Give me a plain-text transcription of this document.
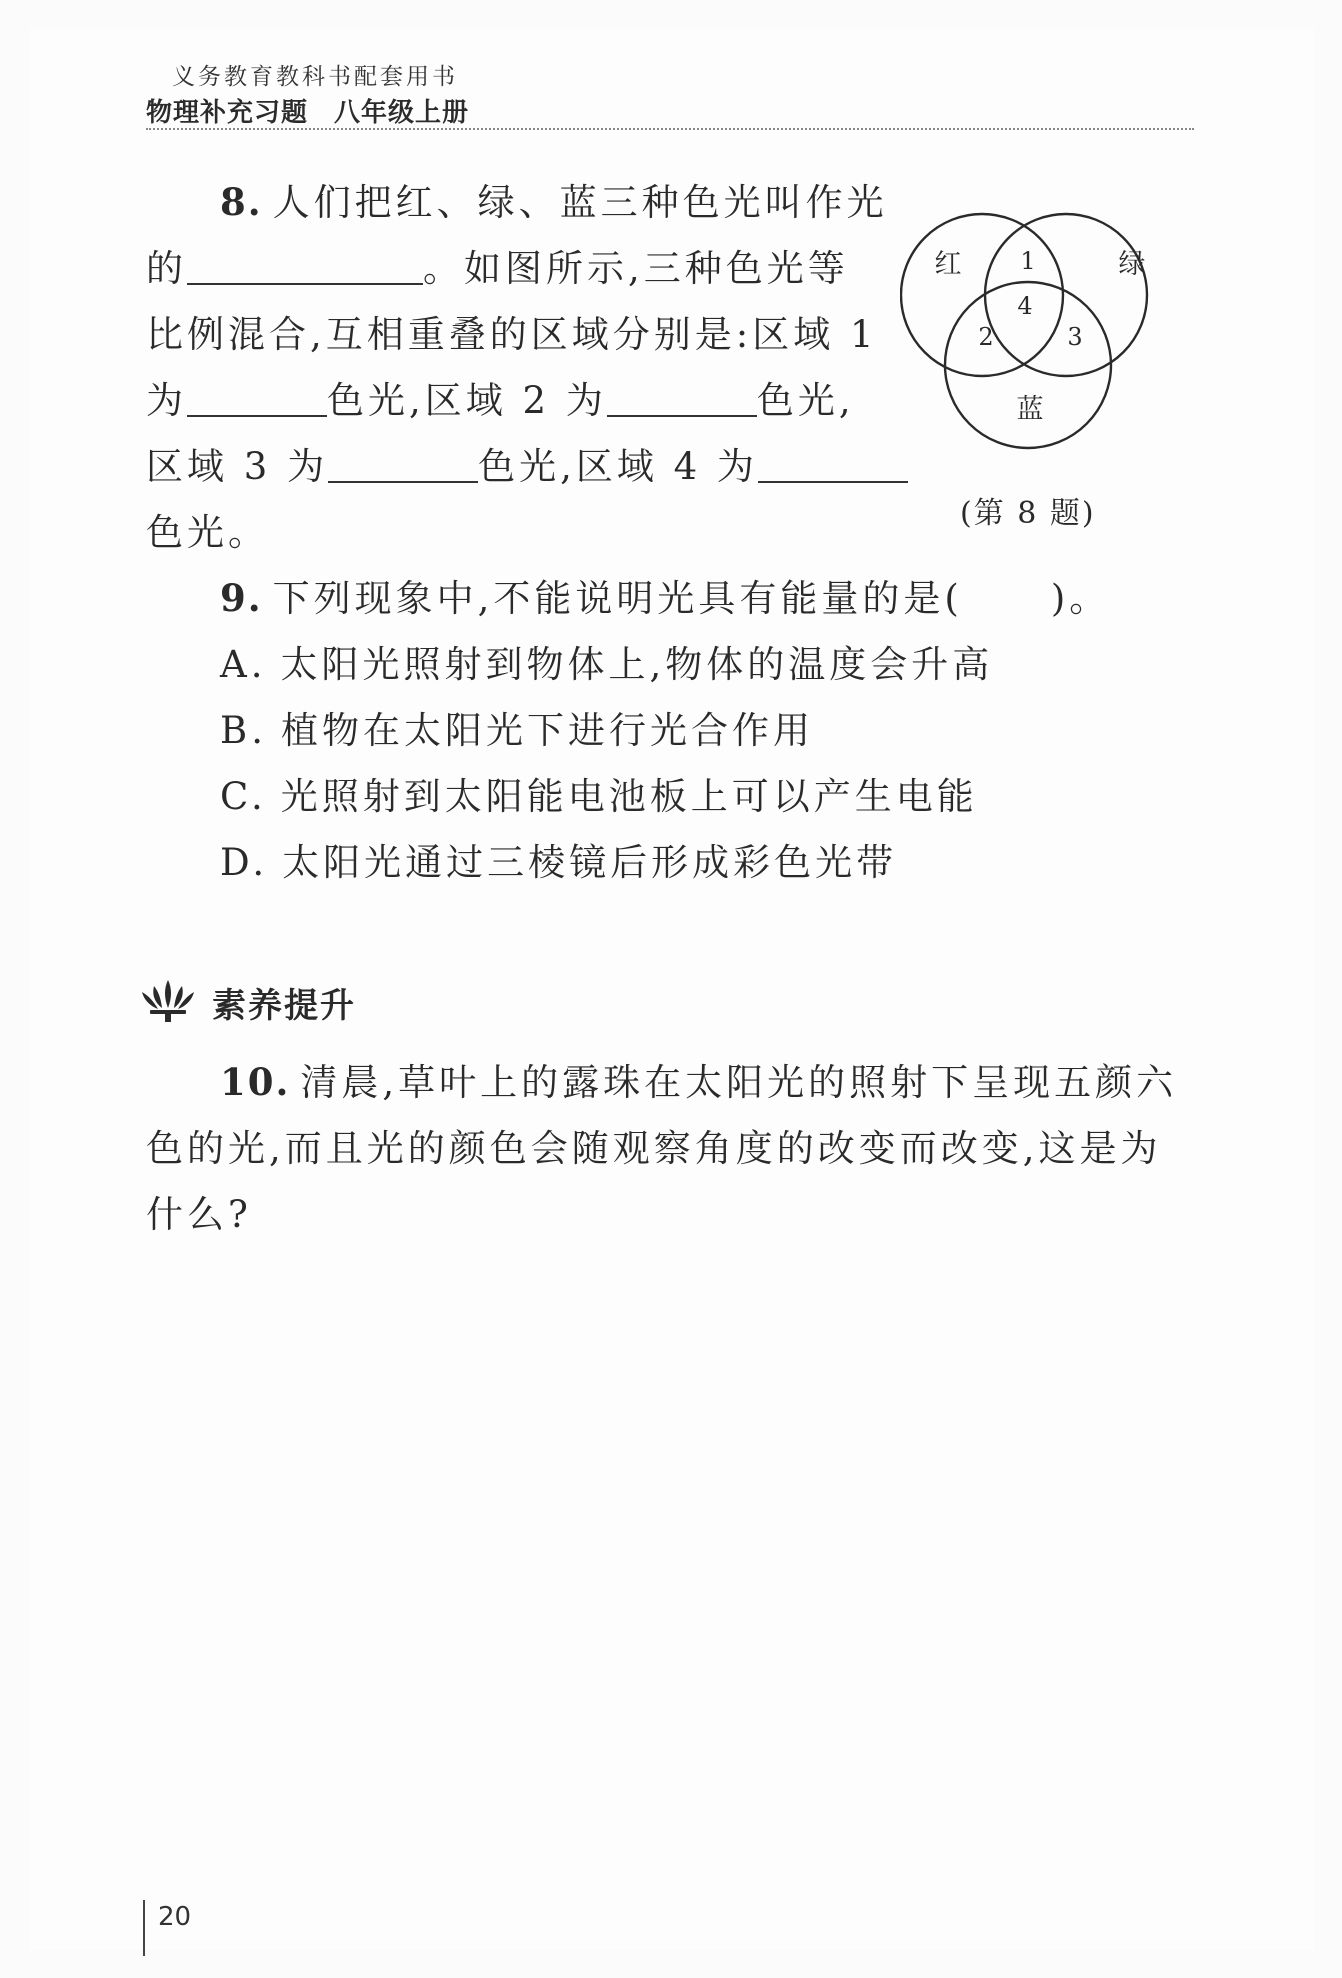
义务教育教科书配套用书
物理补充习题 八年级上册
8. 人们把红、绿、蓝三种色光叫作光
的	。如图所示,三种色光等
比例混合,互相重叠的区域分别是:区域 1
为	色光,区域 2 为	色光,
区域 3 为	色光,区域 4 为
色光。
红	绿
蓝
1
2	3
4
(第 8 题)
9. 下列现象中,不能说明光具有能量的是( )。
A. 太阳光照射到物体上,物体的温度会升高
B. 植物在太阳光下进行光合作用
C. 光照射到太阳能电池板上可以产生电能
D. 太阳光通过三棱镜后形成彩色光带
素养提升
10. 清晨,草叶上的露珠在太阳光的照射下呈现五颜六
色的光,而且光的颜色会随观察角度的改变而改变,这是为
什么?
20
